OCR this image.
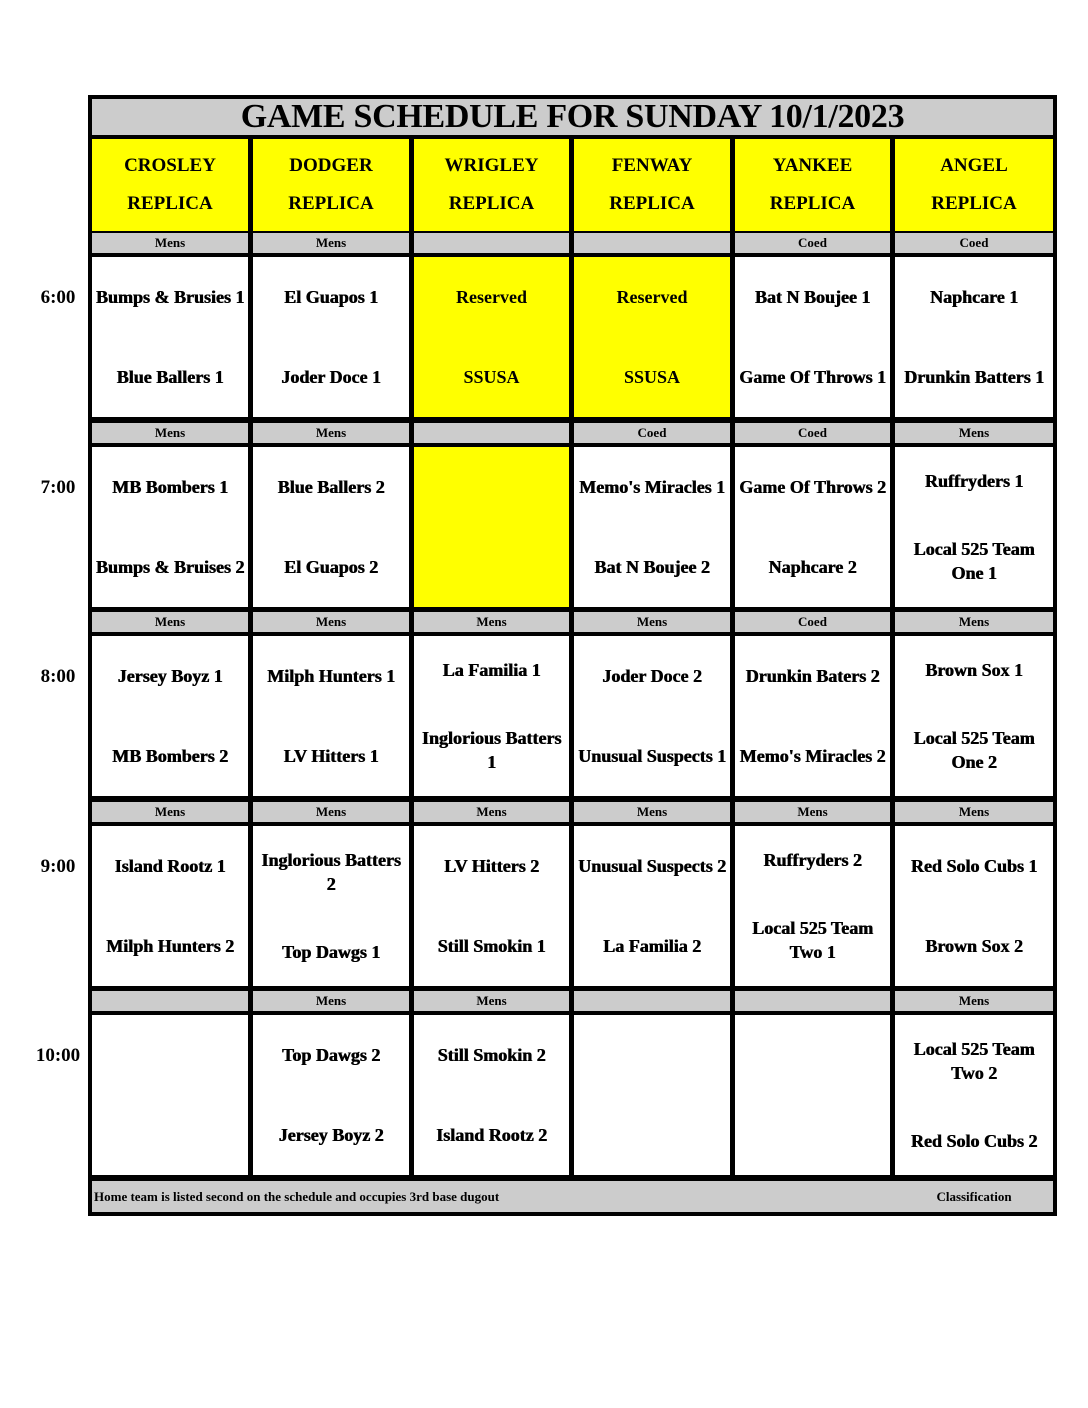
GAME SCHEDULE FOR SUNDAY 10/1/2023
CROSLEY
REPLICA
DODGER
REPLICA
WRIGLEY
REPLICA
FENWAY
REPLICA
YANKEE
REPLICA
ANGEL
REPLICA
Mens
Bumps & Brusies 1
Blue Ballers 1
Mens
El Guapos 1
Joder Doce 1
Reserved
SSUSA
Reserved
SSUSA
Coed
Bat N Boujee 1
Game Of Throws 1
Coed
Naphcare 1
Drunkin Batters 1
Mens
MB Bombers 1
Bumps & Bruises 2
Mens
Blue Ballers 2
El Guapos 2
Coed
Memo's Miracles 1
Bat N Boujee 2
Coed
Game Of Throws 2
Naphcare 2
Mens
Ruffryders 1
Local 525 Team One 1
Mens
Jersey Boyz 1
MB Bombers 2
Mens
Milph Hunters 1
LV Hitters 1
Mens
La Familia 1
Inglorious Batters 1
Mens
Joder Doce 2
Unusual Suspects 1
Coed
Drunkin Baters 2
Memo's Miracles 2
Mens
Brown Sox 1
Local 525 Team One 2
Mens
Island Rootz 1
Milph Hunters 2
Mens
Inglorious Batters 2
Top Dawgs 1
Mens
LV Hitters 2
Still Smokin 1
Mens
Unusual Suspects 2
La Familia 2
Mens
Ruffryders 2
Local 525 Team Two 1
Mens
Red Solo Cubs 1
Brown Sox 2
Mens
Top Dawgs 2
Jersey Boyz 2
Mens
Still Smokin 2
Island Rootz 2
Mens
Local 525 Team Two 2
Red Solo Cubs 2
Home team is listed second on the schedule and occupies 3rd base dugout	Classification
6:00
7:00
8:00
9:00
10:00
